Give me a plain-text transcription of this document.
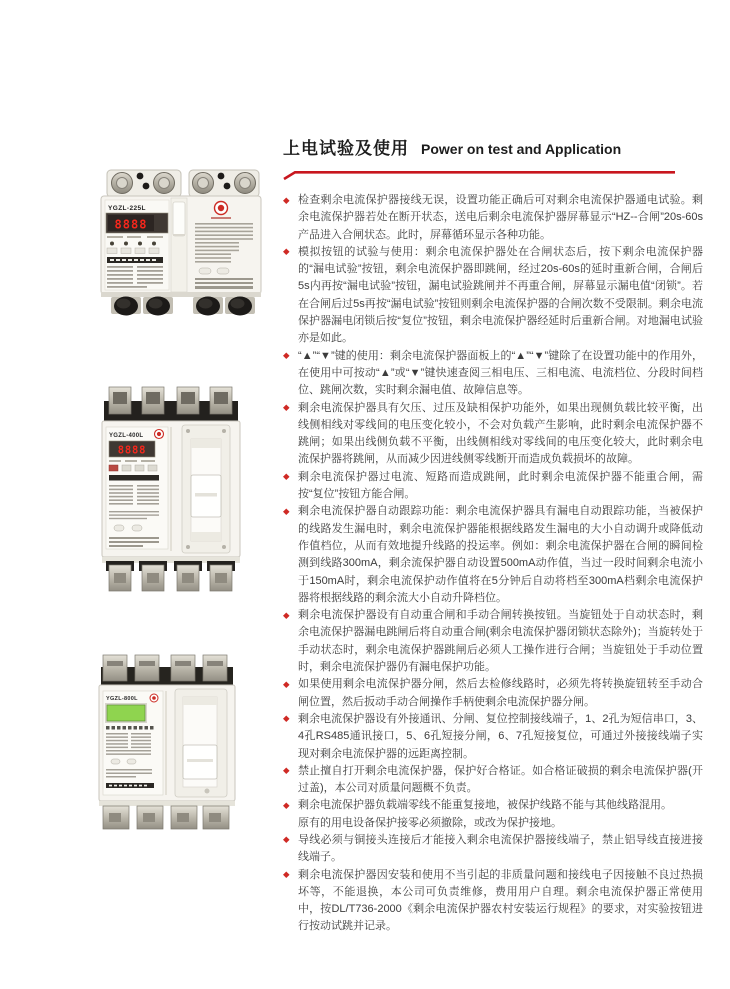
YGZL-225L
8888
YGZL-400L
8888
YGZL-800L
上电试验及使用 Power on test and Application
◆ 检查剩余电流保护器接线无误，设置功能正确后可对剩余电流保护器通电试验。剩余电流保护器若处在断开状态，送电后剩余电流保护器屏幕显示“HZ--合闸”20s-60s产品进入合闸状态。此时，屏幕循环显示各种功能。
◆ 模拟按钮的试验与使用：剩余电流保护器处在合闸状态后，按下剩余电流保护器的“漏电试验”按钮，剩余电流保护器即跳闸，经过20s-60s的延时重新合闸，合闸后5s内再按“漏电试验”按钮，漏电试验跳闸并不再重合闸，屏幕显示漏电值“闭锁”。若在合闸后过5s再按“漏电试验”按钮则剩余电流保护器的合闸次数不受限制。剩余电流保护器漏电闭锁后按“复位”按钮，剩余电流保护器经延时后重新合闸。对地漏电试验亦是如此。
◆ “▲”“▼”键的使用：剩余电流保护器面板上的“▲”“▼”键除了在设置功能中的作用外，在使用中可按动“▲”或“▼”键快速查阅三相电压、三相电流、电流档位、分段时间档位、跳闸次数，实时剩余漏电值、故障信息等。
◆ 剩余电流保护器具有欠压、过压及缺相保护功能外，如果出现侧负载比较平衡，出线侧相线对零线间的电压变化较小，不会对负载产生影响，此时剩余电流保护器不跳闸；如果出线侧负载不平衡，出线侧相线对零线间的电压变化较大，此时剩余电流保护器将跳闸，从而减少因进线侧零线断开而造成负载损坏的故障。
◆ 剩余电流保护器过电流、短路而造成跳闸，此时剩余电流保护器不能重合闸，需按“复位”按钮方能合闸。
◆ 剩余电流保护器自动跟踪功能：剩余电流保护器具有漏电自动跟踪功能，当被保护的线路发生漏电时，剩余电流保护器能根据线路发生漏电的大小自动调升或降低动作值档位，从而有效地提升线路的投运率。例如：剩余电流保护器在合闸的瞬间检测到线路300mA，剩余流保护器自动设置500mA动作值，当过一段时间剩余电流小于150mA时，剩余电流保护动作值将在5分钟后自动将档至300mA档剩余电流保护器将根据线路的剩余流大小自动升降档位。
◆ 剩余电流保护器设有自动重合闸和手动合闸转换按钮。当旋钮处于自动状态时，剩余电流保护器漏电跳闸后将自动重合闸(剩余电流保护器闭锁状态除外)；当旋转处于手动状态时，剩余电流保护器跳闸后必须人工操作进行合闸；当旋钮处于手动位置时，剩余电流保护器仍有漏电保护功能。
◆ 如果使用剩余电流保护器分闸，然后去检修线路时，必须先将转换旋钮转至手动合闸位置，然后扳动手动合闸操作手柄使剩余电流保护器分闸。
◆ 剩余电流保护器设有外接通讯、分闸、复位控制接线端子，1、2孔为短信串口，3、4孔RS485通讯接口，5、6孔短接分闸，6、7孔短接复位，可通过外接接线端子实现对剩余电流保护器的远距离控制。
◆ 禁止擅自打开剩余电流保护器，保护好合格证。如合格证破损的剩余电流保护器(开过盖)，本公司对质量问题概不负责。
◆ 剩余电流保护器负载端零线不能重复接地，被保护线路不能与其他线路混用。
原有的用电设备保护接零必须撤除，或改为保护接地。
◆ 导线必须与铜接头连接后才能接入剩余电流保护器接线端子，禁止铝导线直接进接线端子。
◆ 剩余电流保护器因安装和使用不当引起的非质量问题和接线电子因接触不良过热损坏等，不能退换，本公司可负责维修，费用用户自理。剩余电流保护器正常使用中，按DL/T736-2000《剩余电流保护器农村安装运行规程》的要求，对实验按钮进行按动试跳并记录。
